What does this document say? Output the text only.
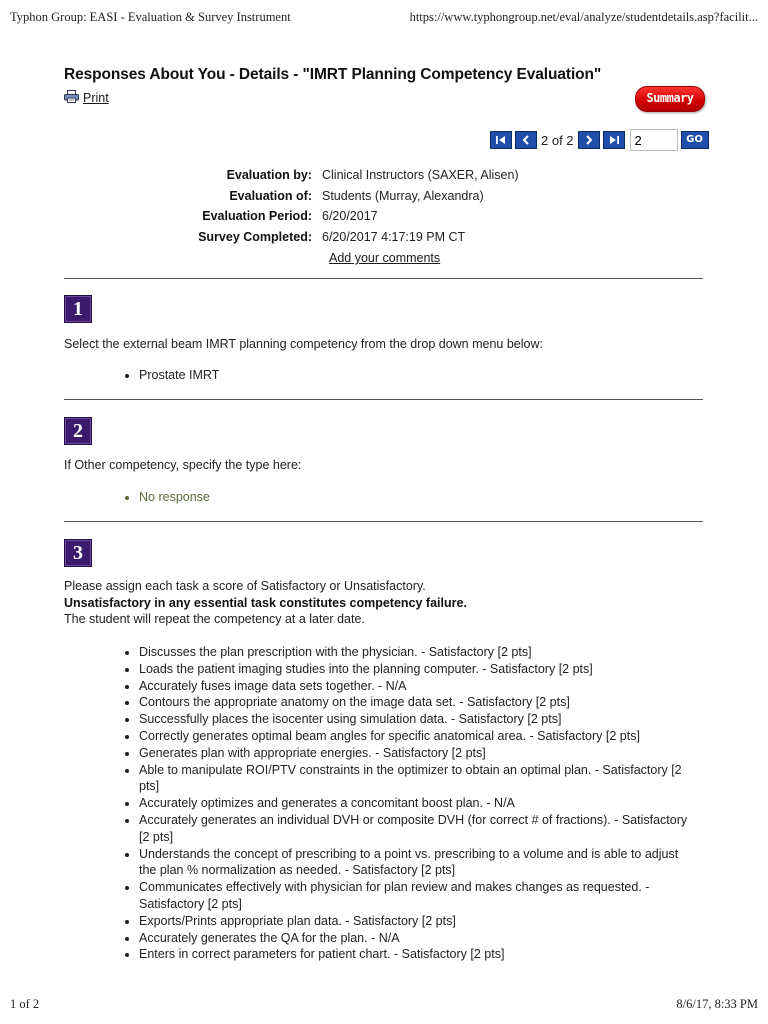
Typhon Group: EASI - Evaluation & Survey Instrument	https://www.typhongroup.net/eval/analyze/studentdetails.asp?facilit...
Responses About You - Details - "IMRT Planning Competency Evaluation"
Print	Summary
2 of 2
2	GO
Evaluation by: Clinical Instructors (SAXER, Alisen)
Evaluation of: Students (Murray, Alexandra)
Evaluation Period: 6/20/2017
Survey Completed: 6/20/2017 4:17:19 PM CT
Add your comments
1
Select the external beam IMRT planning competency from the drop down menu below:
• Prostate IMRT
2
If Other competency, specify the type here:
• No response
3
Please assign each task a score of Satisfactory or Unsatisfactory.
Unsatisfactory in any essential task constitutes competency failure.
The student will repeat the competency at a later date.
• Discusses the plan prescription with the physician. - Satisfactory [2 pts]
• Loads the patient imaging studies into the planning computer. - Satisfactory [2 pts]
• Accurately fuses image data sets together. - N/A
• Contours the appropriate anatomy on the image data set. - Satisfactory [2 pts]
• Successfully places the isocenter using simulation data. - Satisfactory [2 pts]
• Correctly generates optimal beam angles for specific anatomical area. - Satisfactory [2 pts]
• Generates plan with appropriate energies. - Satisfactory [2 pts]
• Able to manipulate ROI/PTV constraints in the optimizer to obtain an optimal plan. - Satisfactory [2 pts]
• Accurately optimizes and generates a concomitant boost plan. - N/A
• Accurately generates an individual DVH or composite DVH (for correct # of fractions). - Satisfactory [2 pts]
• Understands the concept of prescribing to a point vs. prescribing to a volume and is able to adjust the plan % normalization as needed. - Satisfactory [2 pts]
• Communicates effectively with physician for plan review and makes changes as requested. - Satisfactory [2 pts]
• Exports/Prints appropriate plan data. - Satisfactory [2 pts]
• Accurately generates the QA for the plan. - N/A
• Enters in correct parameters for patient chart. - Satisfactory [2 pts]
1 of 2	8/6/17, 8:33 PM
